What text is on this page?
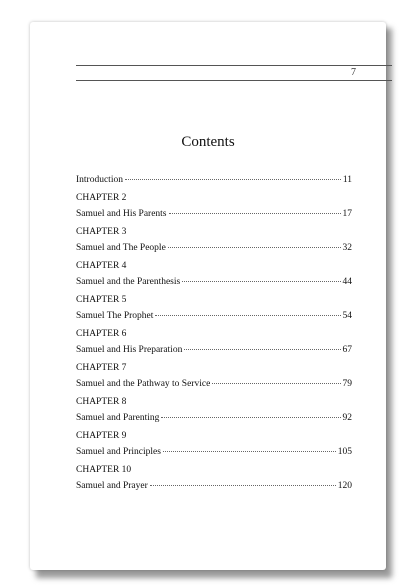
7
Contents
Introduction	11
CHAPTER 2
Samuel and His Parents	17
CHAPTER 3
Samuel and The People	32
CHAPTER 4
Samuel and the Parenthesis	44
CHAPTER 5
Samuel The Prophet	54
CHAPTER 6
Samuel and His Preparation	67
CHAPTER 7
Samuel and the Pathway to Service	79
CHAPTER 8
Samuel and Parenting	92
CHAPTER 9
Samuel and Principles	105
CHAPTER 10
Samuel and Prayer	120
